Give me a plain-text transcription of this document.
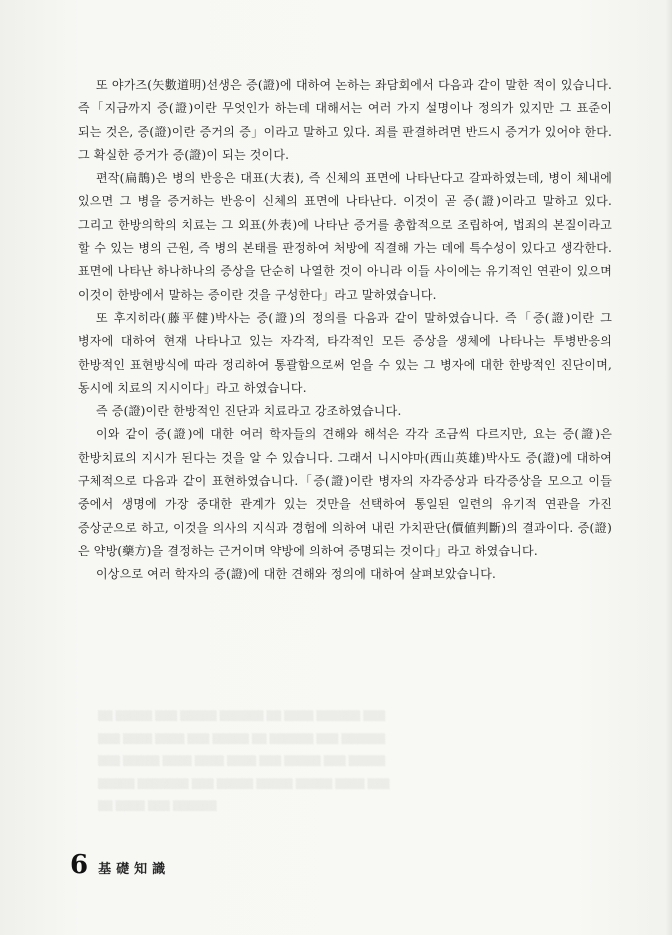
▒▒ ▒▒▒▒▒ ▒▒▒ ▒▒▒▒▒ ▒▒▒▒▒▒ ▒▒ ▒▒▒▒ ▒▒▒▒▒▒ ▒▒▒
▒▒▒ ▒▒▒▒ ▒▒▒▒ ▒▒▒ ▒▒▒▒▒ ▒▒ ▒▒▒▒▒▒ ▒▒▒ ▒▒▒▒▒▒
▒▒▒ ▒▒▒▒▒ ▒▒▒▒ ▒▒▒▒ ▒▒▒▒ ▒▒▒ ▒▒▒▒▒ ▒▒▒ ▒▒▒▒▒
▒▒▒▒▒ ▒▒▒▒▒▒▒ ▒▒▒ ▒▒▒▒▒ ▒▒▒▒▒ ▒▒▒▒▒ ▒▒▒▒ ▒▒▒
▒▒ ▒▒▒▒ ▒▒▒ ▒▒▒▒▒▒

또 야가즈(矢數道明)선생은 증(證)에 대하여 논하는 좌담회에서 다음과 같이 말한 적이 있습니다. 즉「지금까지 증(證)이란 무엇인가 하는데 대해서는 여러 가지 설명이나 정의가 있지만 그 표준이 되는 것은, 증(證)이란 증거의 증」이라고 말하고 있다. 죄를 판결하려면 반드시 증거가 있어야 한다. 그 확실한 증거가 증(證)이 되는 것이다.

편작(扁鵲)은 병의 반응은 대표(大表), 즉 신체의 표면에 나타난다고 갈파하였는데, 병이 체내에 있으면 그 병을 증거하는 반응이 신체의 표면에 나타난다. 이것이 곧 증(證)이라고 말하고 있다. 그리고 한방의학의 치료는 그 외표(外表)에 나타난 증거를 총합적으로 조립하여, 법죄의 본질이라고 할 수 있는 병의 근원, 즉 병의 본태를 판정하여 처방에 직결해 가는 데에 특수성이 있다고 생각한다. 표면에 나타난 하나하나의 증상을 단순히 나열한 것이 아니라 이들 사이에는 유기적인 연관이 있으며 이것이 한방에서 말하는 증이란 것을 구성한다」라고 말하였습니다.

또 후지히라(藤平健)박사는 증(證)의 정의를 다음과 같이 말하였습니다. 즉「증(證)이란 그 병자에 대하여 현재 나타나고 있는 자각적, 타각적인 모든 증상을 생체에 나타나는 투병반응의 한방적인 표현방식에 따라 정리하여 통괄함으로써 얻을 수 있는 그 병자에 대한 한방적인 진단이며, 동시에 치료의 지시이다」라고 하였습니다.

즉 증(證)이란 한방적인 진단과 치료라고 강조하였습니다.

이와 같이 증(證)에 대한 여러 학자들의 견해와 해석은 각각 조금씩 다르지만, 요는 증(證)은 한방치료의 지시가 된다는 것을 알 수 있습니다. 그래서 니시야마(西山英雄)박사도 증(證)에 대하여 구체적으로 다음과 같이 표현하였습니다.「증(證)이란 병자의 자각증상과 타각증상을 모으고 이들 중에서 생명에 가장 중대한 관계가 있는 것만을 선택하여 통일된 일련의 유기적 연관을 가진 증상군으로 하고, 이것을 의사의 지식과 경험에 의하여 내린 가치판단(價値判斷)의 결과이다. 증(證)은 약방(藥方)을 결정하는 근거이며 약방에 의하여 증명되는 것이다」라고 하였습니다.

이상으로 여러 학자의 증(證)에 대한 견해와 정의에 대하여 살펴보았습니다.

6 基礎知識
